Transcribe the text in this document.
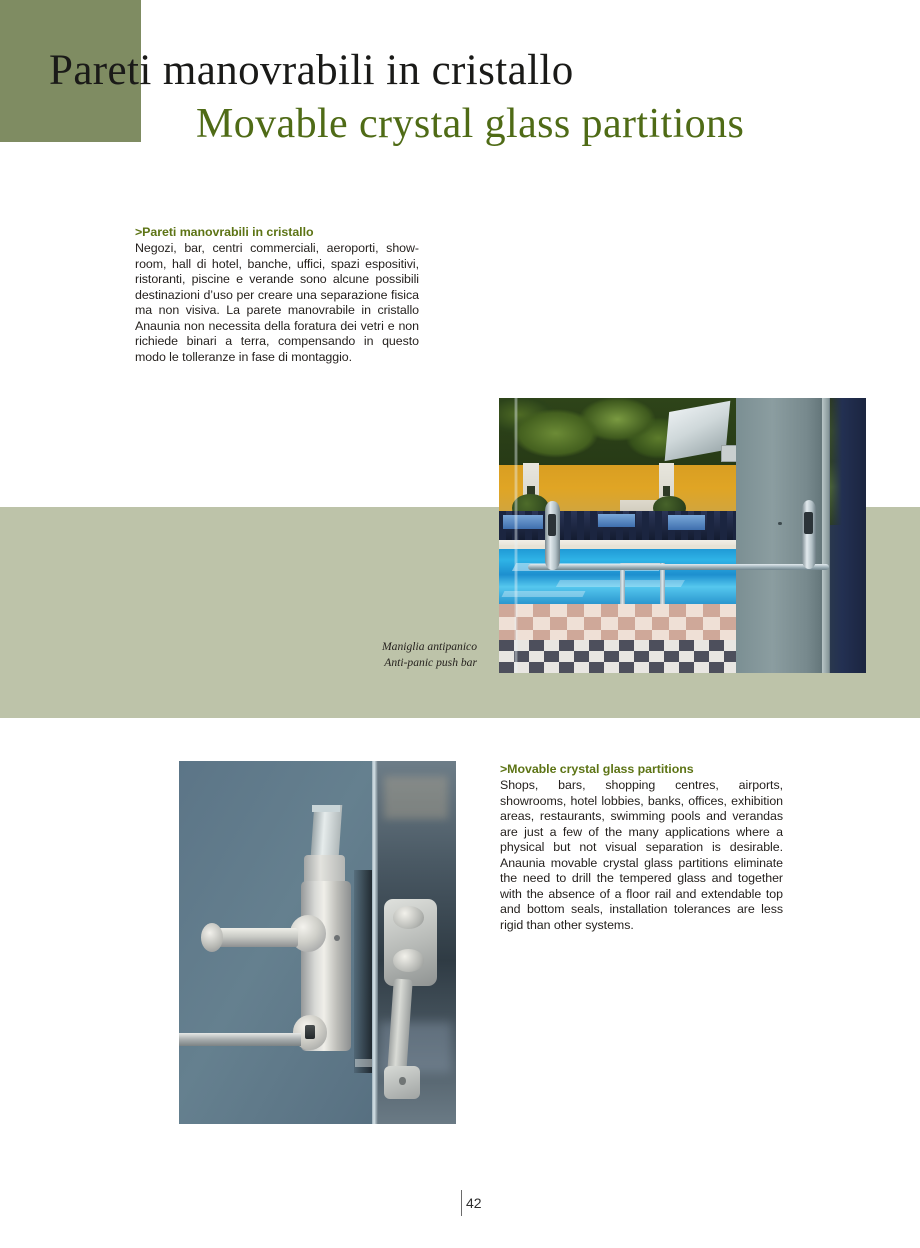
Pareti manovrabili in cristallo
Movable crystal glass partitions
>Pareti manovrabili in cristallo

Negozi, bar, centri commerciali, aeroporti, show-room, hall di hotel, banche, uffici, spazi espositivi, ristoranti, piscine e verande sono alcune possibili destinazioni d’uso per creare una separazione fisica ma non visiva. La parete manovrabile in cristallo Anaunia non necessita della foratura dei vetri e non richiede binari a terra, compensando in questo modo le tolleranze in fase di montaggio.

Maniglia antipanico
Anti-panic push bar
>Movable crystal glass partitions

Shops, bars, shopping centres, airports, showrooms, hotel lobbies, banks, offices, exhibition areas, restaurants, swimming pools and verandas are just a few of the many applications where a physical but not visual separation is desirable. Anaunia movable crystal glass partitions eliminate the need to drill the tempered glass and together with the absence of a floor rail and extendable top and bottom seals, installation tolerances are less rigid than other systems.

42
